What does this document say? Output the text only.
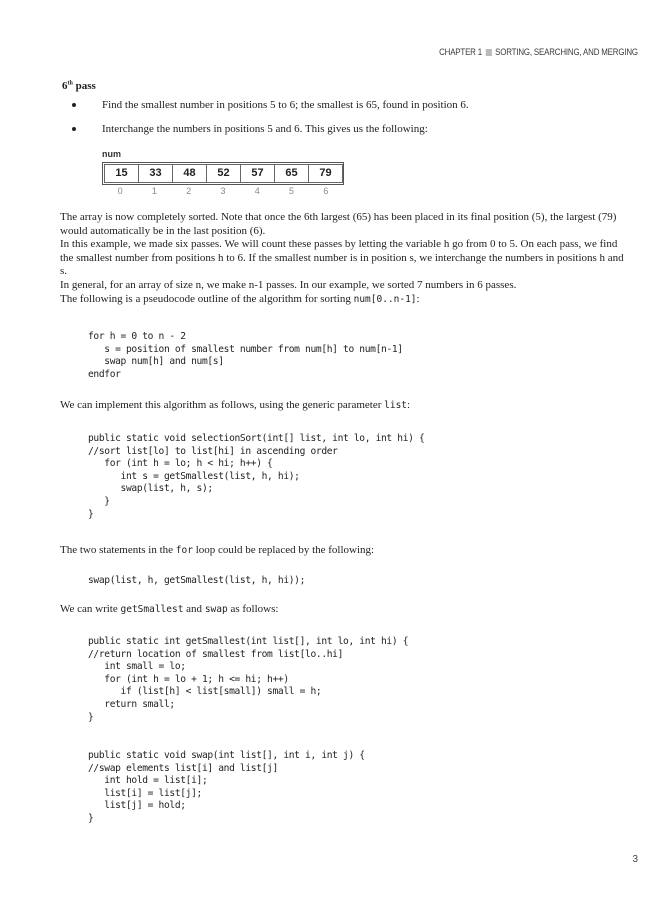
CHAPTER 1 SORTING, SEARCHING, AND MERGING
6th pass
Find the smallest number in positions 5 to 6; the smallest is 65, found in position 6.
Interchange the numbers in positions 5 and 6. This gives us the following:
num
15	33	48	52	57	65	79
0	1	2	3	4	5	6

The array is now completely sorted. Note that once the 6th largest (65) has been placed in its final position (5), the largest (79) would automatically be in the last position (6).

In this example, we made six passes. We will count these passes by letting the variable h go from 0 to 5. On each pass, we find the smallest number from positions h to 6. If the smallest number is in position s, we interchange the numbers in positions h and s.

In general, for an array of size n, we make n-1 passes. In our example, we sorted 7 numbers in 6 passes.

The following is a pseudocode outline of the algorithm for sorting num[0..n-1]:

for h = 0 to n - 2
s = position of smallest number from num[h] to num[n-1]
swap num[h] and num[s]
endfor

We can implement this algorithm as follows, using the generic parameter list:

public static void selectionSort(int[] list, int lo, int hi) {
//sort list[lo] to list[hi] in ascending order
for (int h = lo; h < hi; h++) {
int s = getSmallest(list, h, hi);
swap(list, h, s);
}
}

The two statements in the for loop could be replaced by the following:

swap(list, h, getSmallest(list, h, hi));

We can write getSmallest and swap as follows:

public static int getSmallest(int list[], int lo, int hi) {
//return location of smallest from list[lo..hi]
int small = lo;
for (int h = lo + 1; h <= hi; h++)
if (list[h] < list[small]) small = h;
return small;
}
public static void swap(int list[], int i, int j) {
//swap elements list[i] and list[j]
int hold = list[i];
list[i] = list[j];
list[j] = hold;
}
3
